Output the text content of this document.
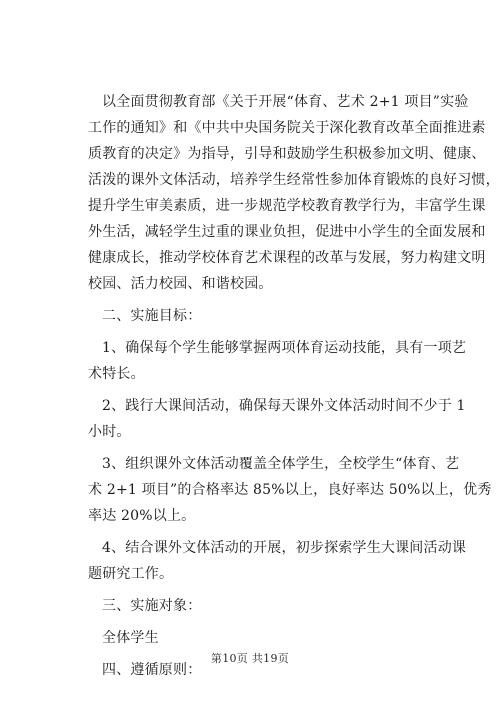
以全面贯彻教育部《关于开展“体育、艺术 2+1 项目”实验
工作的通知》和《中共中央国务院关于深化教育改革全面推进素
质教育的决定》为指导，引导和鼓励学生积极参加文明、健康、
活泼的课外文体活动，培养学生经常性参加体育锻炼的良好习惯，
提升学生审美素质，进一步规范学校教育教学行为，丰富学生课
外生活，减轻学生过重的课业负担，促进中小学生的全面发展和
健康成长，推动学校体育艺术课程的改革与发展，努力构建文明
校园、活力校园、和谐校园。
二、实施目标：
1、确保每个学生能够掌握两项体育运动技能，具有一项艺
术特长。
2、践行大课间活动，确保每天课外文体活动时间不少于 1
小时。
3、组织课外文体活动覆盖全体学生，全校学生“体育、艺
术 2+1 项目”的合格率达 85%以上，良好率达 50%以上，优秀
率达 20%以上。
4、结合课外文体活动的开展，初步探索学生大课间活动课
题研究工作。
三、实施对象：
全体学生
四、遵循原则：
第10页 共19页
